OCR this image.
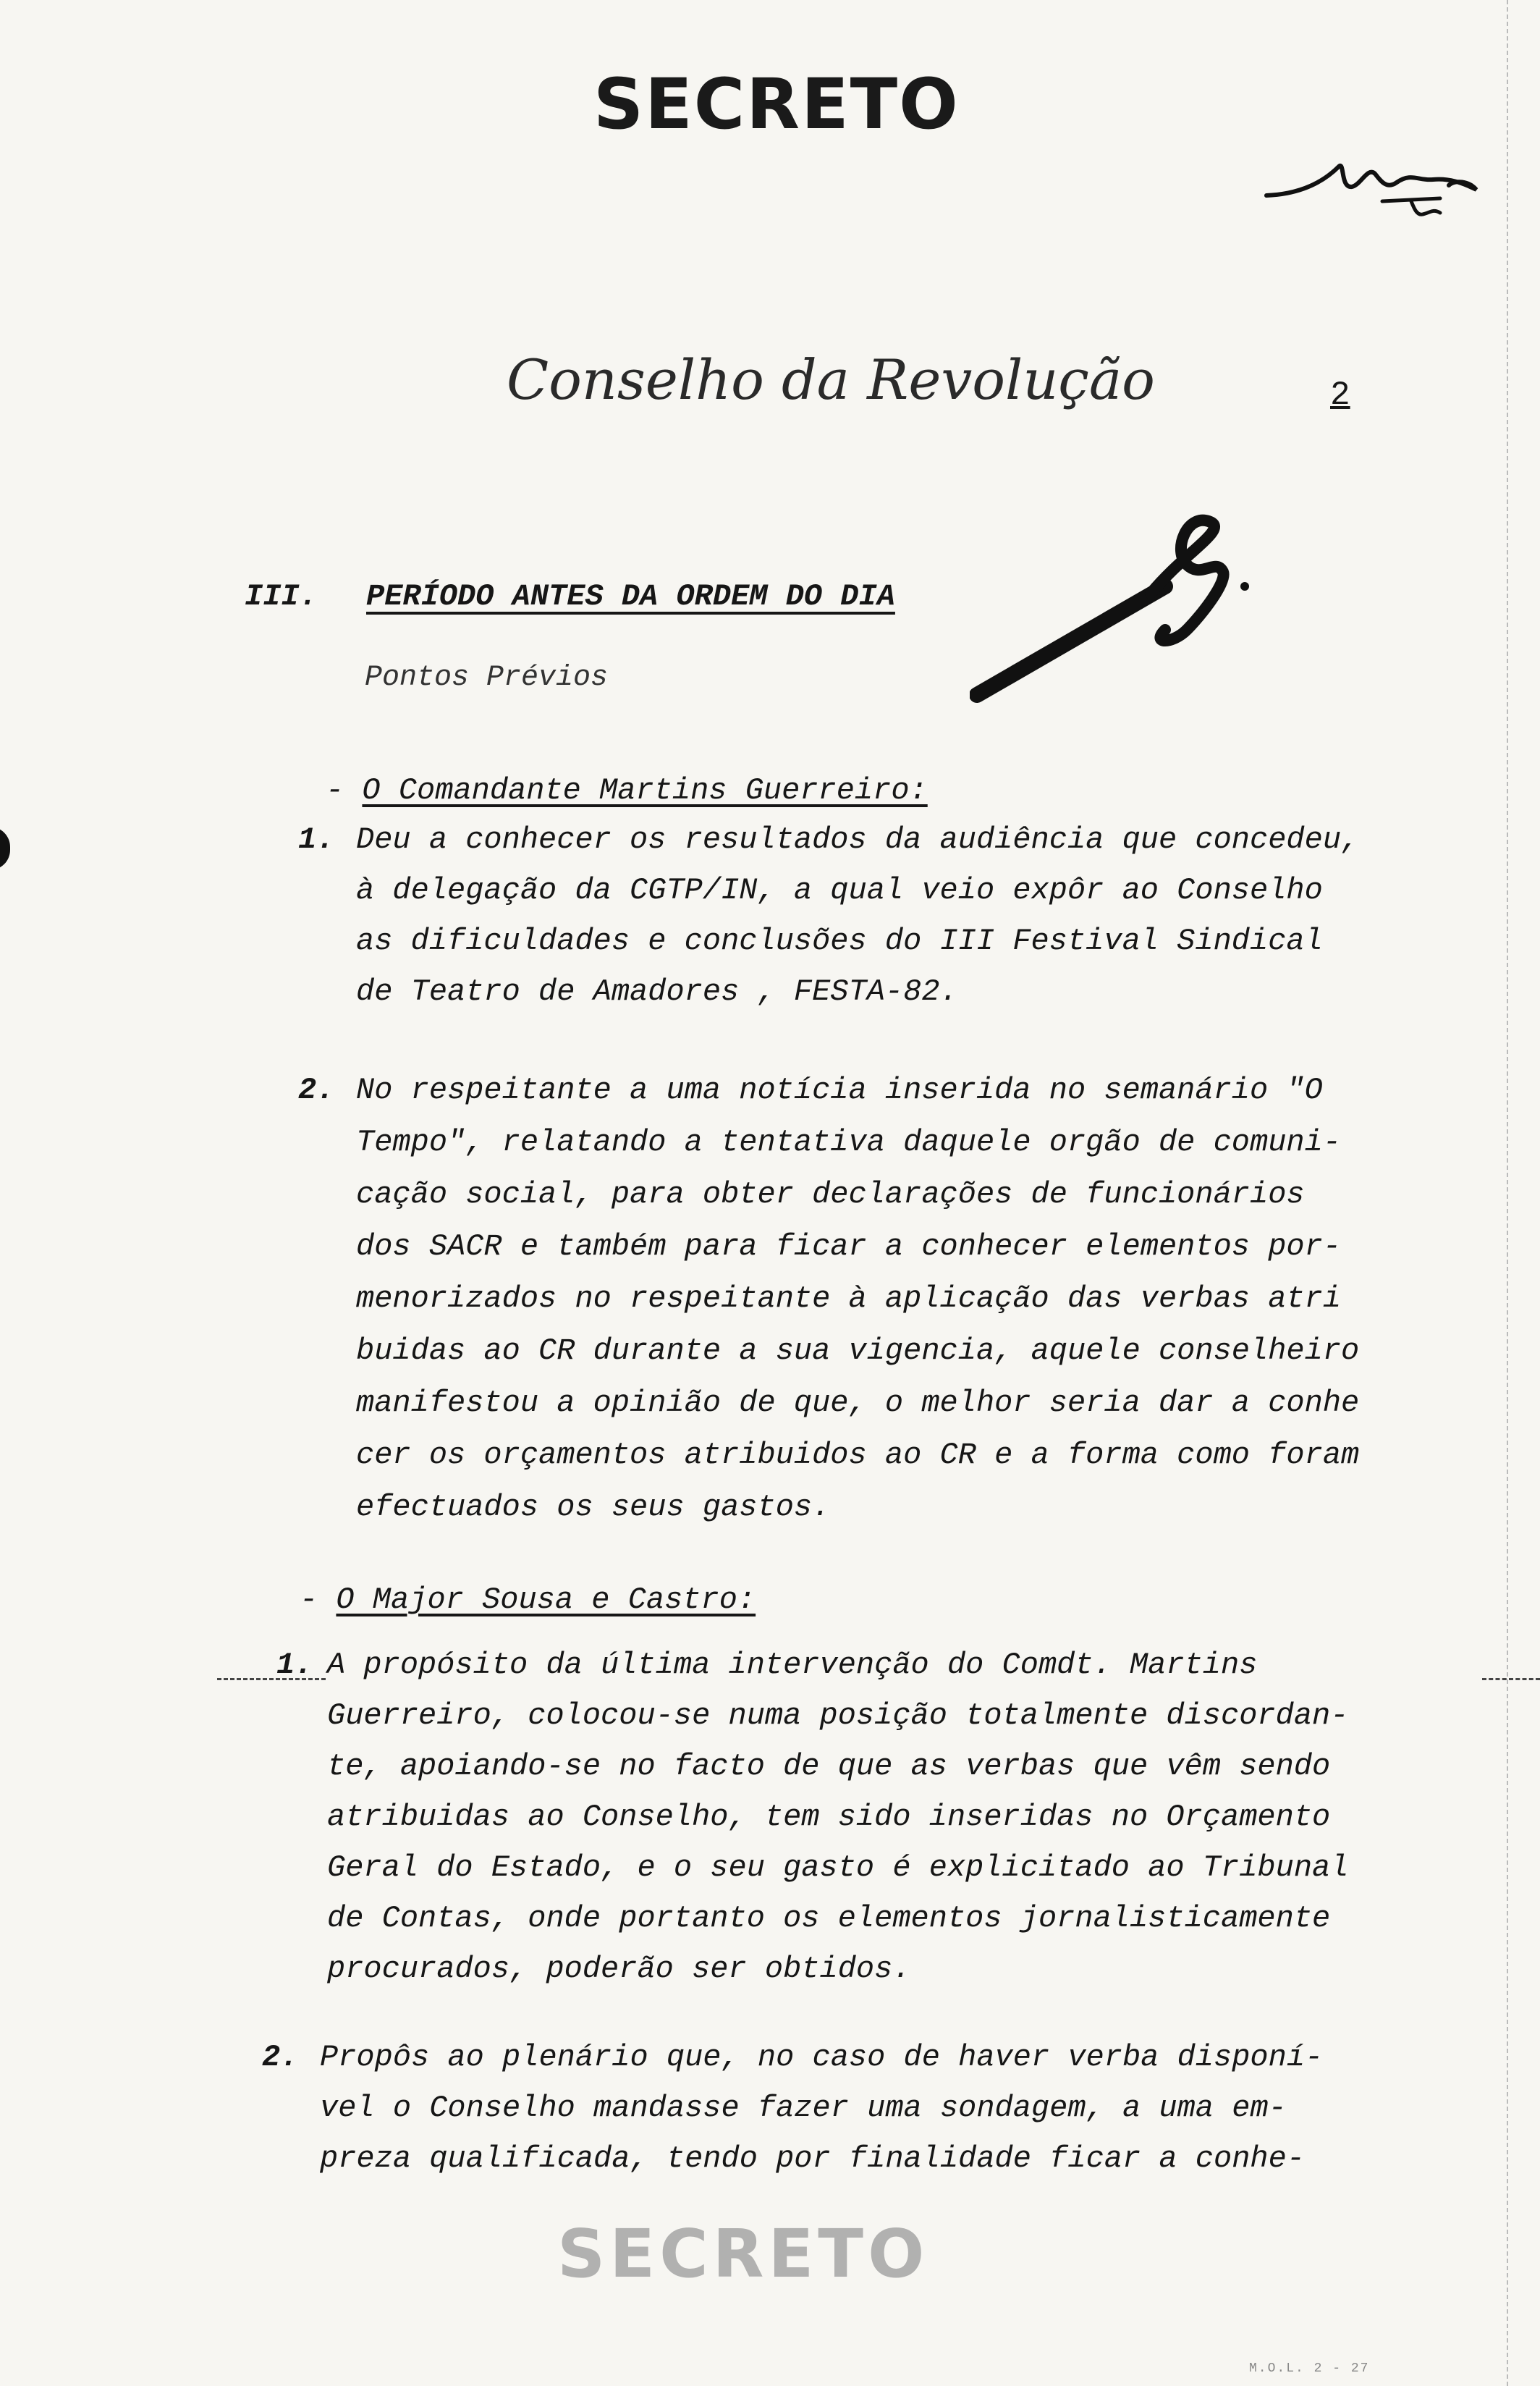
SECRETO
Conselho da Revolução	2
III. PERÍODO ANTES DA ORDEM DO DIA
Pontos Prévios
- O Comandante Martins Guerreiro:
1. Deu a conhecer os resultados da audiência que concedeu,
à delegação da CGTP/IN, a qual veio expôr ao Conselho
as dificuldades e conclusões do III Festival Sindical
de Teatro de Amadores , FESTA-82.
2. No respeitante a uma notícia inserida no semanário "O
Tempo", relatando a tentativa daquele orgão de comuni-
cação social, para obter declarações de funcionários
dos SACR e também para ficar a conhecer elementos por-
menorizados no respeitante à aplicação das verbas atri
buidas ao CR durante a sua vigencia, aquele conselheiro
manifestou a opinião de que, o melhor seria dar a conhe
cer os orçamentos atribuidos ao CR e a forma como foram
efectuados os seus gastos.
- O Major Sousa e Castro:
1. A propósito da última intervenção do Comdt. Martins
Guerreiro, colocou-se numa posição totalmente discordan-
te, apoiando-se no facto de que as verbas que vêm sendo
atribuidas ao Conselho, tem sido inseridas no Orçamento
Geral do Estado, e o seu gasto é explicitado ao Tribunal
de Contas, onde portanto os elementos jornalisticamente
procurados, poderão ser obtidos.
2. Propôs ao plenário que, no caso de haver verba disponí-
vel o Conselho mandasse fazer uma sondagem, a uma em-
preza qualificada, tendo por finalidade ficar a conhe-
SECRETO
M.O.L. 2 - 27
